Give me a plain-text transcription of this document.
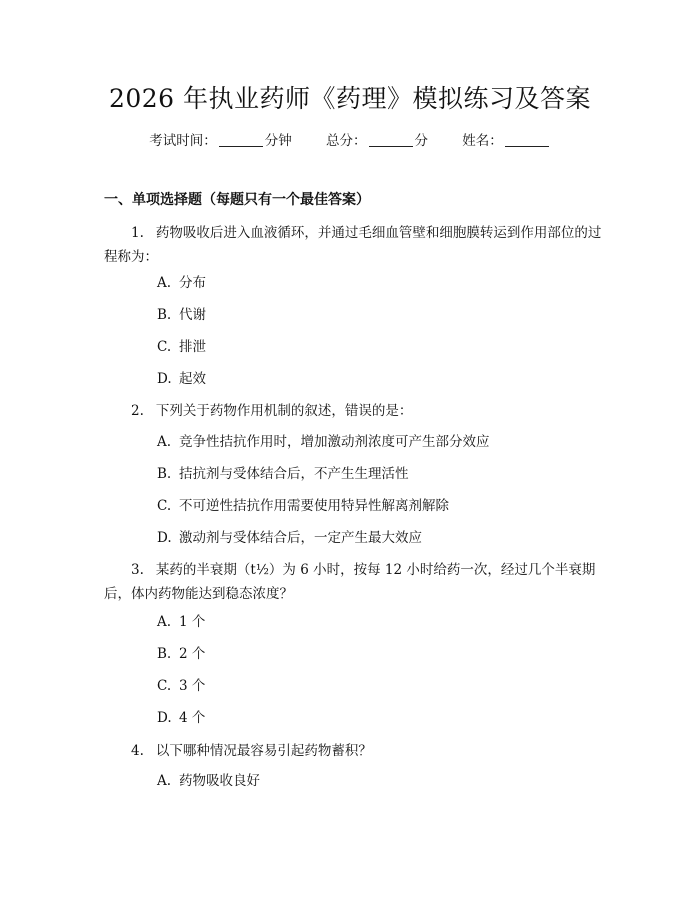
2026 年执业药师《药理》模拟练习及答案
考试时间：	分钟	总分：	分	姓名：
一、单项选择题（每题只有一个最佳答案）
1. 药物吸收后进入血液循环，并通过毛细血管壁和细胞膜转运到作用部位的过程称为：
A. 分布
B. 代谢
C. 排泄
D. 起效
2. 下列关于药物作用机制的叙述，错误的是：
A. 竞争性拮抗作用时，增加激动剂浓度可产生部分效应
B. 拮抗剂与受体结合后，不产生生理活性
C. 不可逆性拮抗作用需要使用特异性解离剂解除
D. 激动剂与受体结合后，一定产生最大效应
3. 某药的半衰期（t½）为 6 小时，按每 12 小时给药一次，经过几个半衰期后，体内药物能达到稳态浓度？
A. 1 个
B. 2 个
C. 3 个
D. 4 个
4. 以下哪种情况最容易引起药物蓄积？
A. 药物吸收良好
